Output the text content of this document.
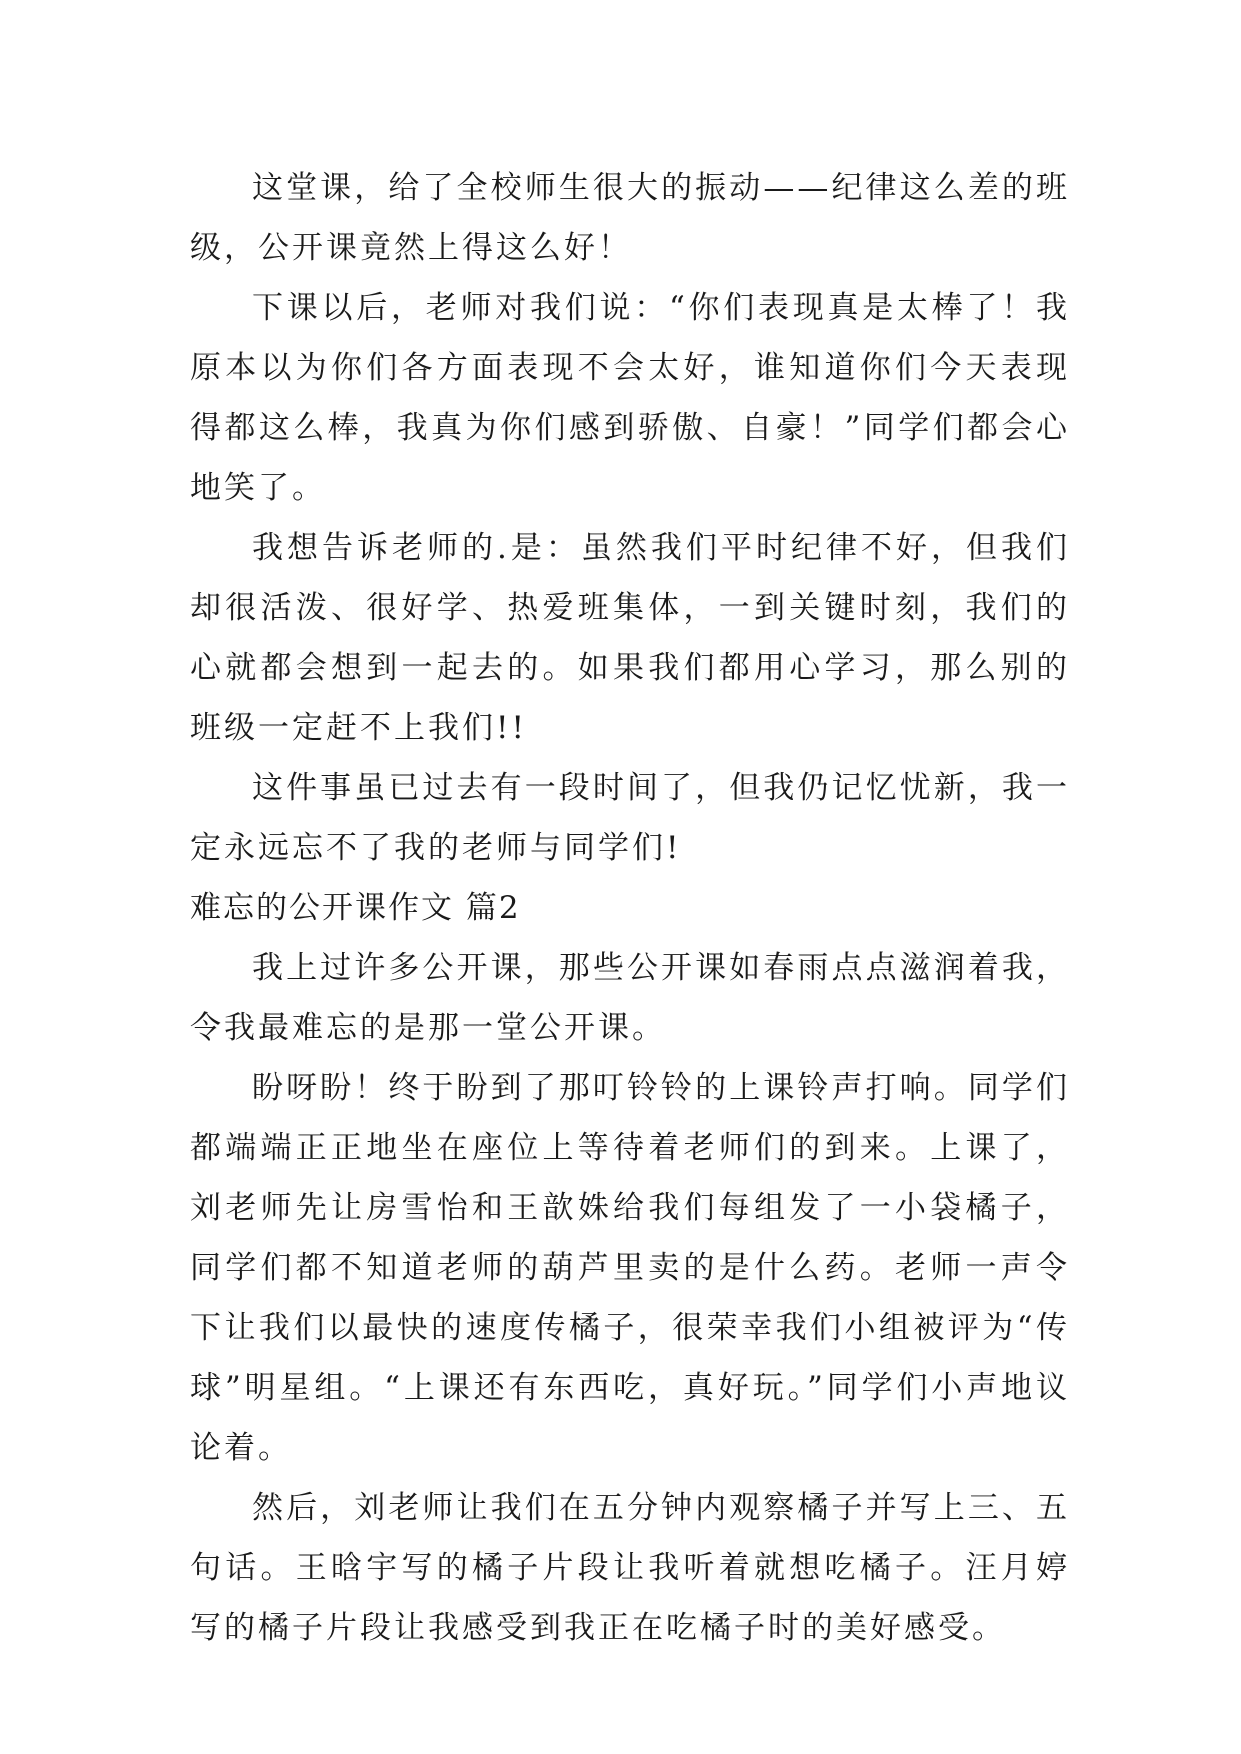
这堂课，给了全校师生很大的振动——纪律这么差的班级，公开课竟然上得这么好！

下课以后，老师对我们说：“你们表现真是太棒了！我原本以为你们各方面表现不会太好，谁知道你们今天表现得都这么棒，我真为你们感到骄傲、自豪！”同学们都会心地笑了。

我想告诉老师的.是：虽然我们平时纪律不好，但我们却很活泼、很好学、热爱班集体，一到关键时刻，我们的心就都会想到一起去的。如果我们都用心学习，那么别的班级一定赶不上我们!!

这件事虽已过去有一段时间了，但我仍记忆忧新，我一定永远忘不了我的老师与同学们!

难忘的公开课作文 篇2

我上过许多公开课，那些公开课如春雨点点滋润着我，令我最难忘的是那一堂公开课。

盼呀盼！终于盼到了那叮铃铃的上课铃声打响。同学们都端端正正地坐在座位上等待着老师们的到来。上课了，刘老师先让房雪怡和王歆姝给我们每组发了一小袋橘子，同学们都不知道老师的葫芦里卖的是什么药。老师一声令下让我们以最快的速度传橘子，很荣幸我们小组被评为“传球”明星组。“上课还有东西吃，真好玩。”同学们小声地议论着。

然后，刘老师让我们在五分钟内观察橘子并写上三、五句话。王晗宇写的橘子片段让我听着就想吃橘子。汪月婷写的橘子片段让我感受到我正在吃橘子时的美好感受。
